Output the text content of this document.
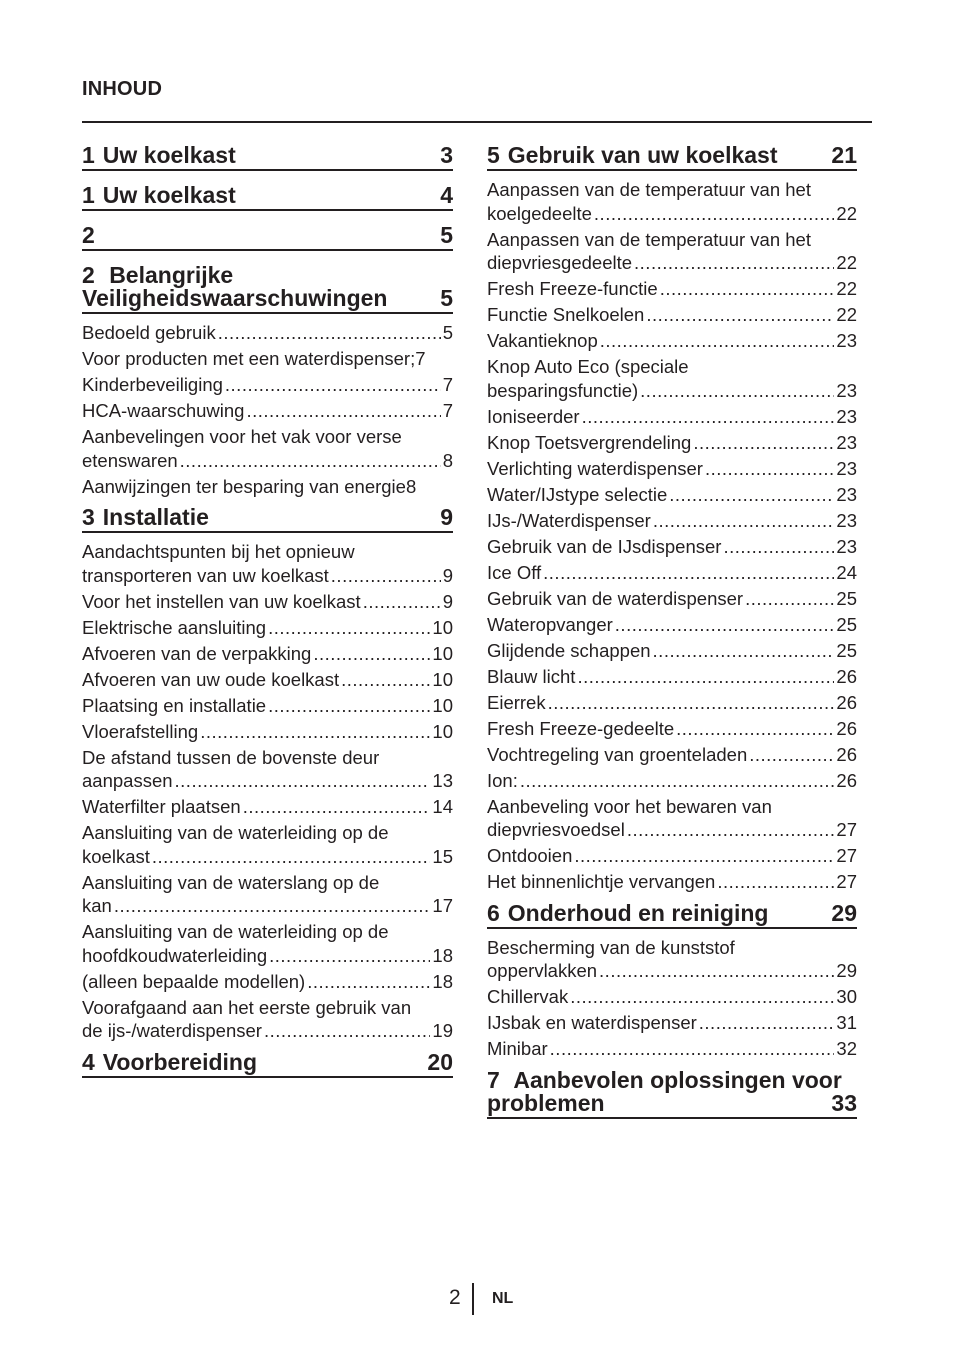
INHOUD
1 Uw koelkast	3
1 Uw koelkast	4
2	5
2 Belangrijke
Veiligheidswaarschuwingen 5
Bedoeld gebruik .....	5
Voor producten met een waterdispenser ; 7
Kinderbeveiliging .....	7
HCA-waarschuwing .....	7
Aanbevelingen voor het vak voor verse
etenswaren .....	8
Aanwijzingen ter besparing van energie 8
3 Installatie	9
Aandachtspunten bij het opnieuw
transporteren van uw koelkast .....	9
Voor het instellen van uw koelkast .....	9
Elektrische aansluiting .....	10
Afvoeren van de verpakking .....	10
Afvoeren van uw oude koelkast .....	10
Plaatsing en installatie .....	10
Vloerafstelling .....	10
De afstand tussen de bovenste deur
aanpassen .....	13
Waterfilter plaatsen .....	14
Aansluiting van de waterleiding op de
koelkast .....	15
Aansluiting van de waterslang op de
kan .....	17
Aansluiting van de waterleiding op de
hoofdkoudwaterleiding .....	18
(alleen bepaalde modellen) .....	18
Voorafgaand aan het eerste gebruik van
de ijs-/waterdispenser .....	19
4 Voorbereiding	20
5 Gebruik van uw koelkast	21
Aanpassen van de temperatuur van het
koelgedeelte .....	22
Aanpassen van de temperatuur van het
diepvriesgedeelte .....	22
Fresh Freeze-functie .....	22
Functie Snelkoelen .....	22
Vakantieknop .....	23
Knop Auto Eco (speciale
besparingsfunctie) .....	23
Ioniseerder .....	23
Knop Toetsvergrendeling .....	23
Verlichting waterdispenser .....	23
Water/IJstype selectie .....	23
IJs-/Waterdispenser .....	23
Gebruik van de IJsdispenser .....	23
Ice Off .....	24
Gebruik van de waterdispenser .....	25
Wateropvanger .....	25
Glijdende schappen .....	25
Blauw licht .....	26
Eierrek .....	26
Fresh Freeze-gedeelte .....	26
Vochtregeling van groenteladen .....	26
Ion: .....	26
Aanbeveling voor het bewaren van
diepvriesvoedsel .....	27
Ontdooien .....	27
Het binnenlichtje vervangen .....	27
6 Onderhoud en reiniging	29
Bescherming van de kunststof
oppervlakken .....	29
Chillervak .....	30
IJsbak en waterdispenser .....	31
Minibar .....	32
7 Aanbevolen oplossingen voor
problemen	33
2 NL
